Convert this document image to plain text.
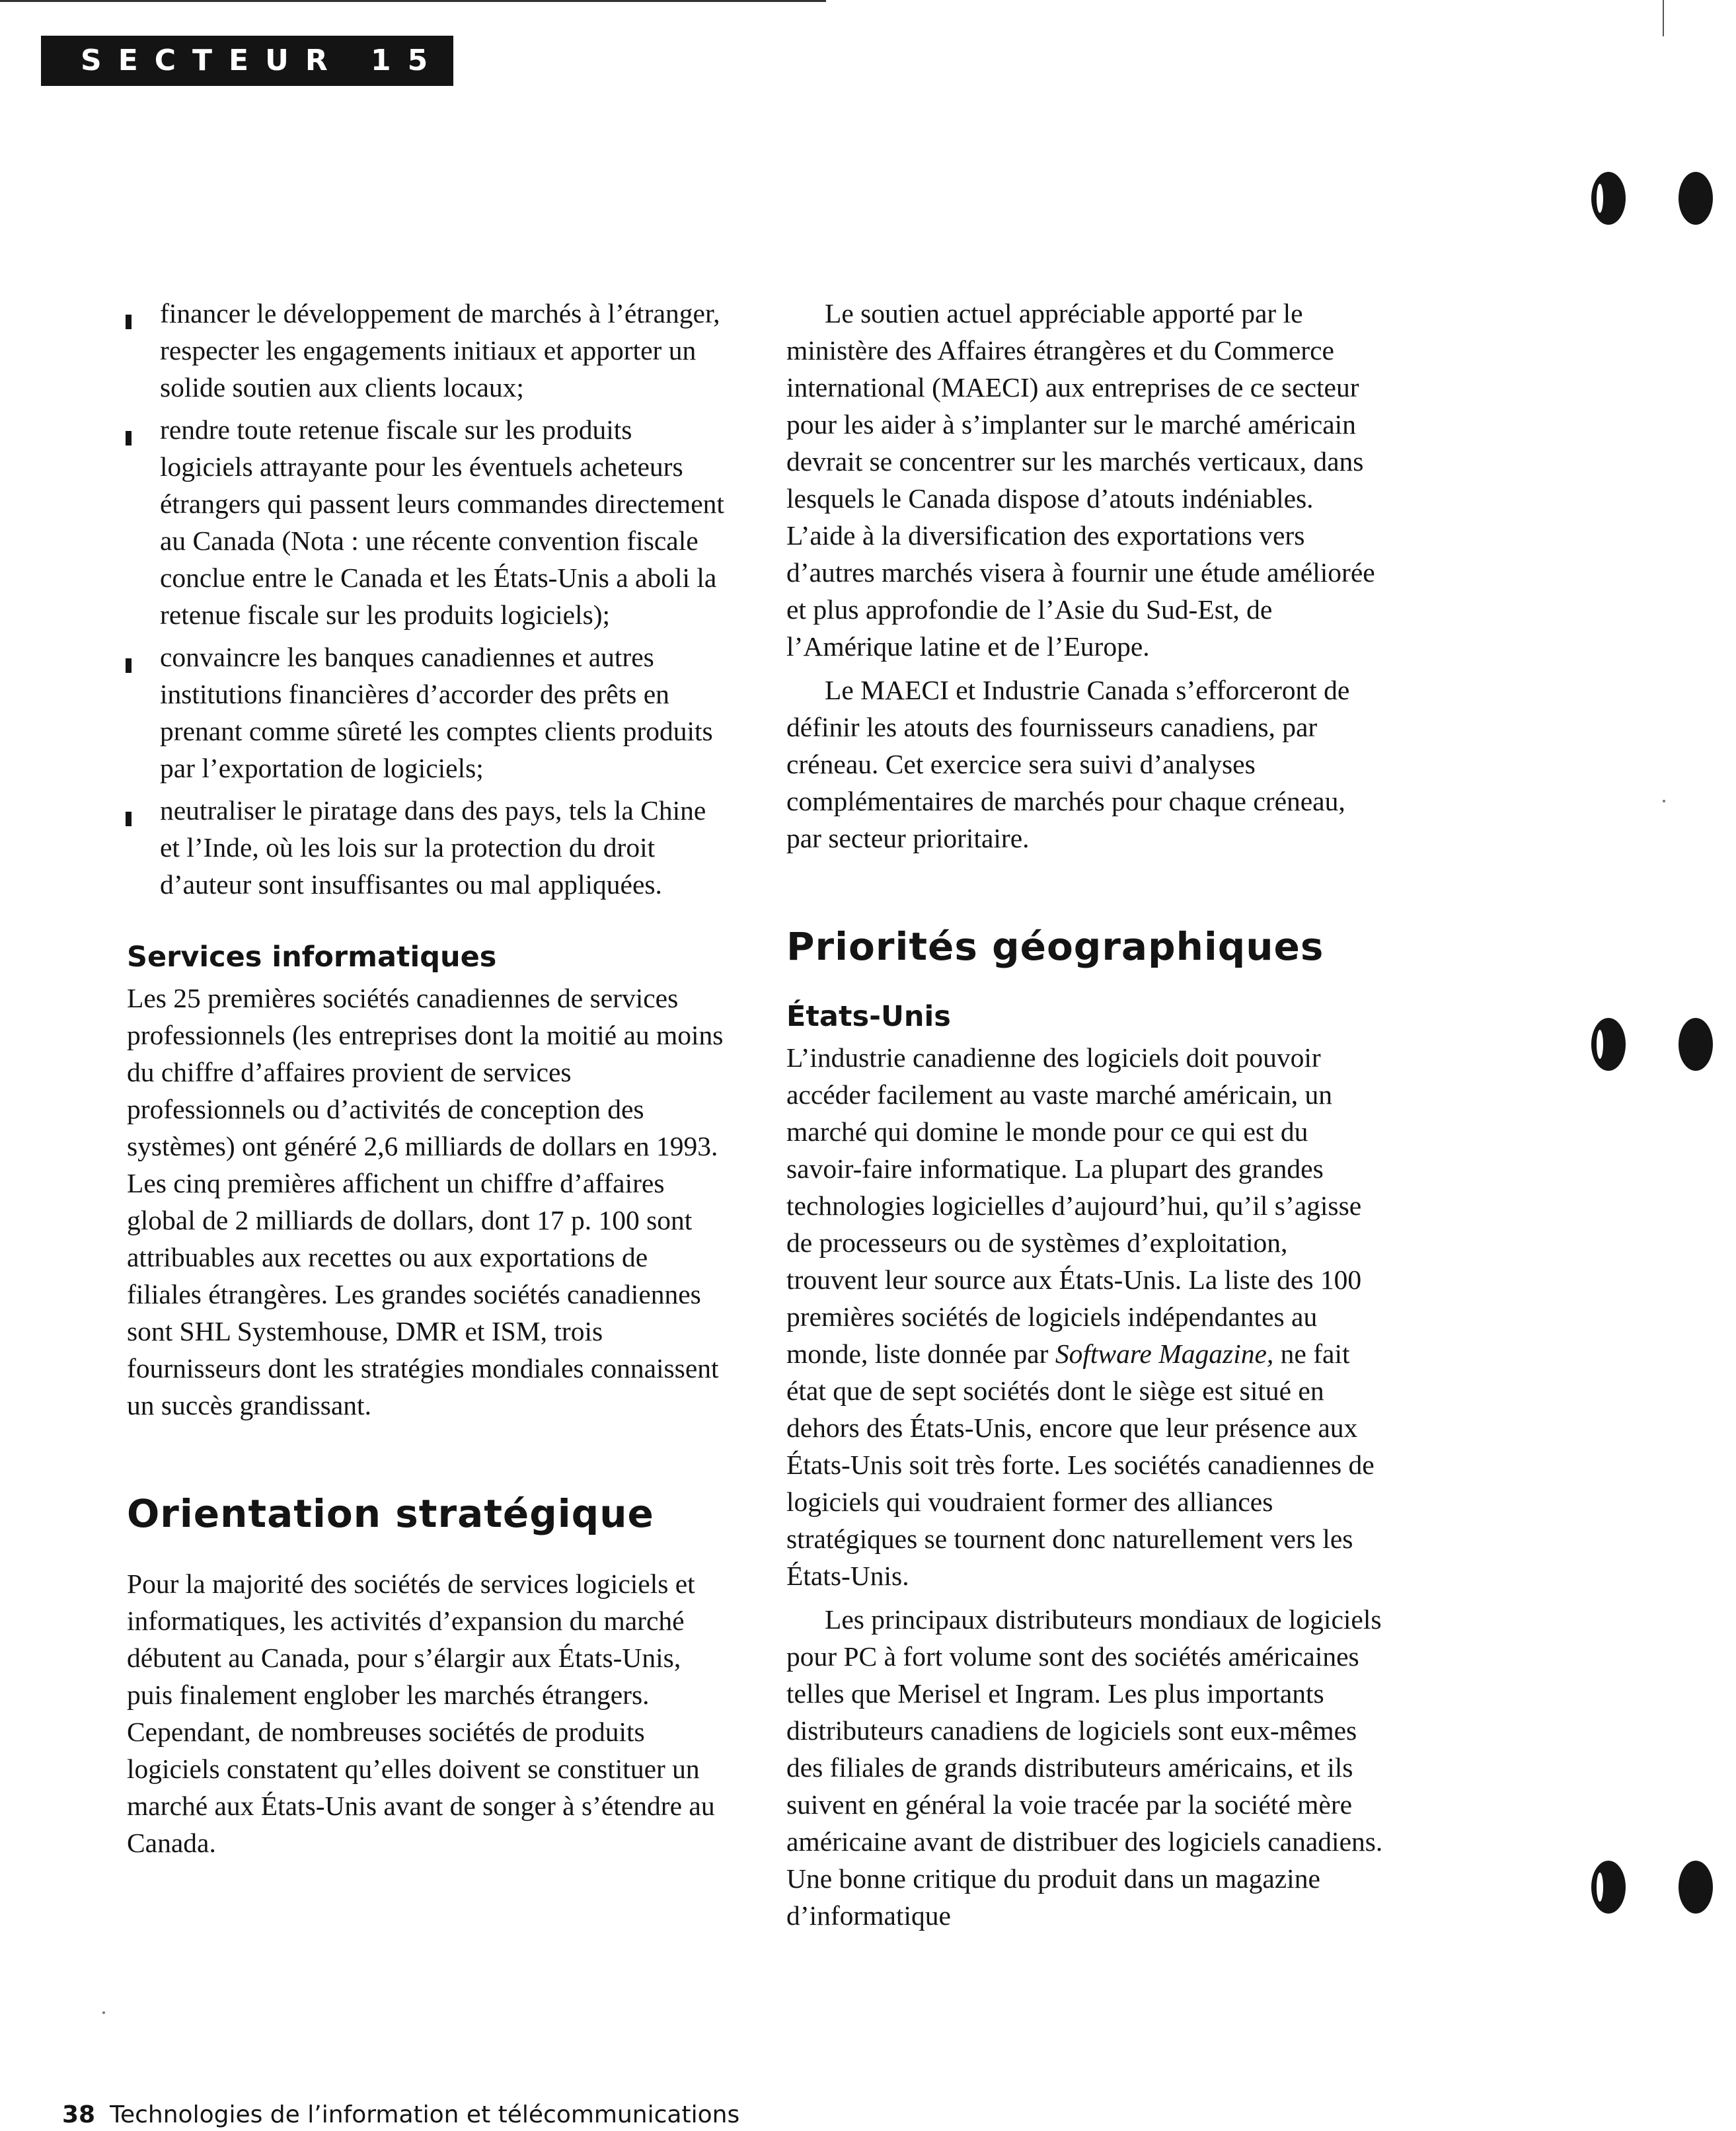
SECTEUR 15
financer le développement de marchés à l’étranger, respecter les engagements initiaux et apporter un solide soutien aux clients locaux;
rendre toute retenue fiscale sur les produits logiciels attrayante pour les éventuels acheteurs étrangers qui passent leurs commandes directement au Canada (Nota : une récente convention fiscale conclue entre le Canada et les États-Unis a aboli la retenue fiscale sur les produits logiciels);
convaincre les banques canadiennes et autres institutions financières d’accorder des prêts en prenant comme sûreté les comptes clients produits par l’exportation de logiciels;
neutraliser le piratage dans des pays, tels la Chine et l’Inde, où les lois sur la protection du droit d’auteur sont insuffisantes ou mal appliquées.
Services informatiques

Les 25 premières sociétés canadiennes de services professionnels (les entreprises dont la moitié au moins du chiffre d’affaires provient de services professionnels ou d’activités de conception des systèmes) ont généré 2,6 milliards de dollars en 1993. Les cinq premières affichent un chiffre d’affaires global de 2 milliards de dollars, dont 17 p. 100 sont attribuables aux recettes ou aux exportations de filiales étrangères. Les grandes sociétés canadiennes sont SHL Systemhouse, DMR et ISM, trois fournisseurs dont les stratégies mondiales connaissent un succès grandissant.

Orientation stratégique

Pour la majorité des sociétés de services logiciels et informatiques, les activités d’expansion du marché débutent au Canada, pour s’élargir aux États-Unis, puis finalement englober les marchés étrangers. Cependant, de nombreuses sociétés de produits logiciels constatent qu’elles doivent se constituer un marché aux États-Unis avant de songer à s’étendre au Canada.

Le soutien actuel appréciable apporté par le ministère des Affaires étrangères et du Commerce international (MAECI) aux entreprises de ce secteur pour les aider à s’implanter sur le marché américain devrait se concentrer sur les marchés verticaux, dans lesquels le Canada dispose d’atouts indéniables. L’aide à la diversification des exportations vers d’autres marchés visera à fournir une étude améliorée et plus approfondie de l’Asie du Sud-Est, de l’Amérique latine et de l’Europe.

Le MAECI et Industrie Canada s’efforceront de définir les atouts des fournisseurs canadiens, par créneau. Cet exercice sera suivi d’analyses complémentaires de marchés pour chaque créneau, par secteur prioritaire.

Priorités géographiques
États-Unis

L’industrie canadienne des logiciels doit pouvoir accéder facilement au vaste marché américain, un marché qui domine le monde pour ce qui est du savoir-faire informatique. La plupart des grandes technologies logicielles d’aujourd’hui, qu’il s’agisse de processeurs ou de systèmes d’exploitation, trouvent leur source aux États-Unis. La liste des 100 premières sociétés de logiciels indépendantes au monde, liste donnée par Software Magazine, ne fait état que de sept sociétés dont le siège est situé en dehors des États-Unis, encore que leur présence aux États-Unis soit très forte. Les sociétés canadiennes de logiciels qui voudraient former des alliances stratégiques se tournent donc naturellement vers les États-Unis.

Les principaux distributeurs mondiaux de logiciels pour PC à fort volume sont des sociétés américaines telles que Merisel et Ingram. Les plus importants distributeurs canadiens de logiciels sont eux-mêmes des filiales de grands distributeurs américains, et ils suivent en général la voie tracée par la société mère américaine avant de distribuer des logiciels canadiens. Une bonne critique du produit dans un magazine d’informatique

38 Technologies de l’information et télécommunications
